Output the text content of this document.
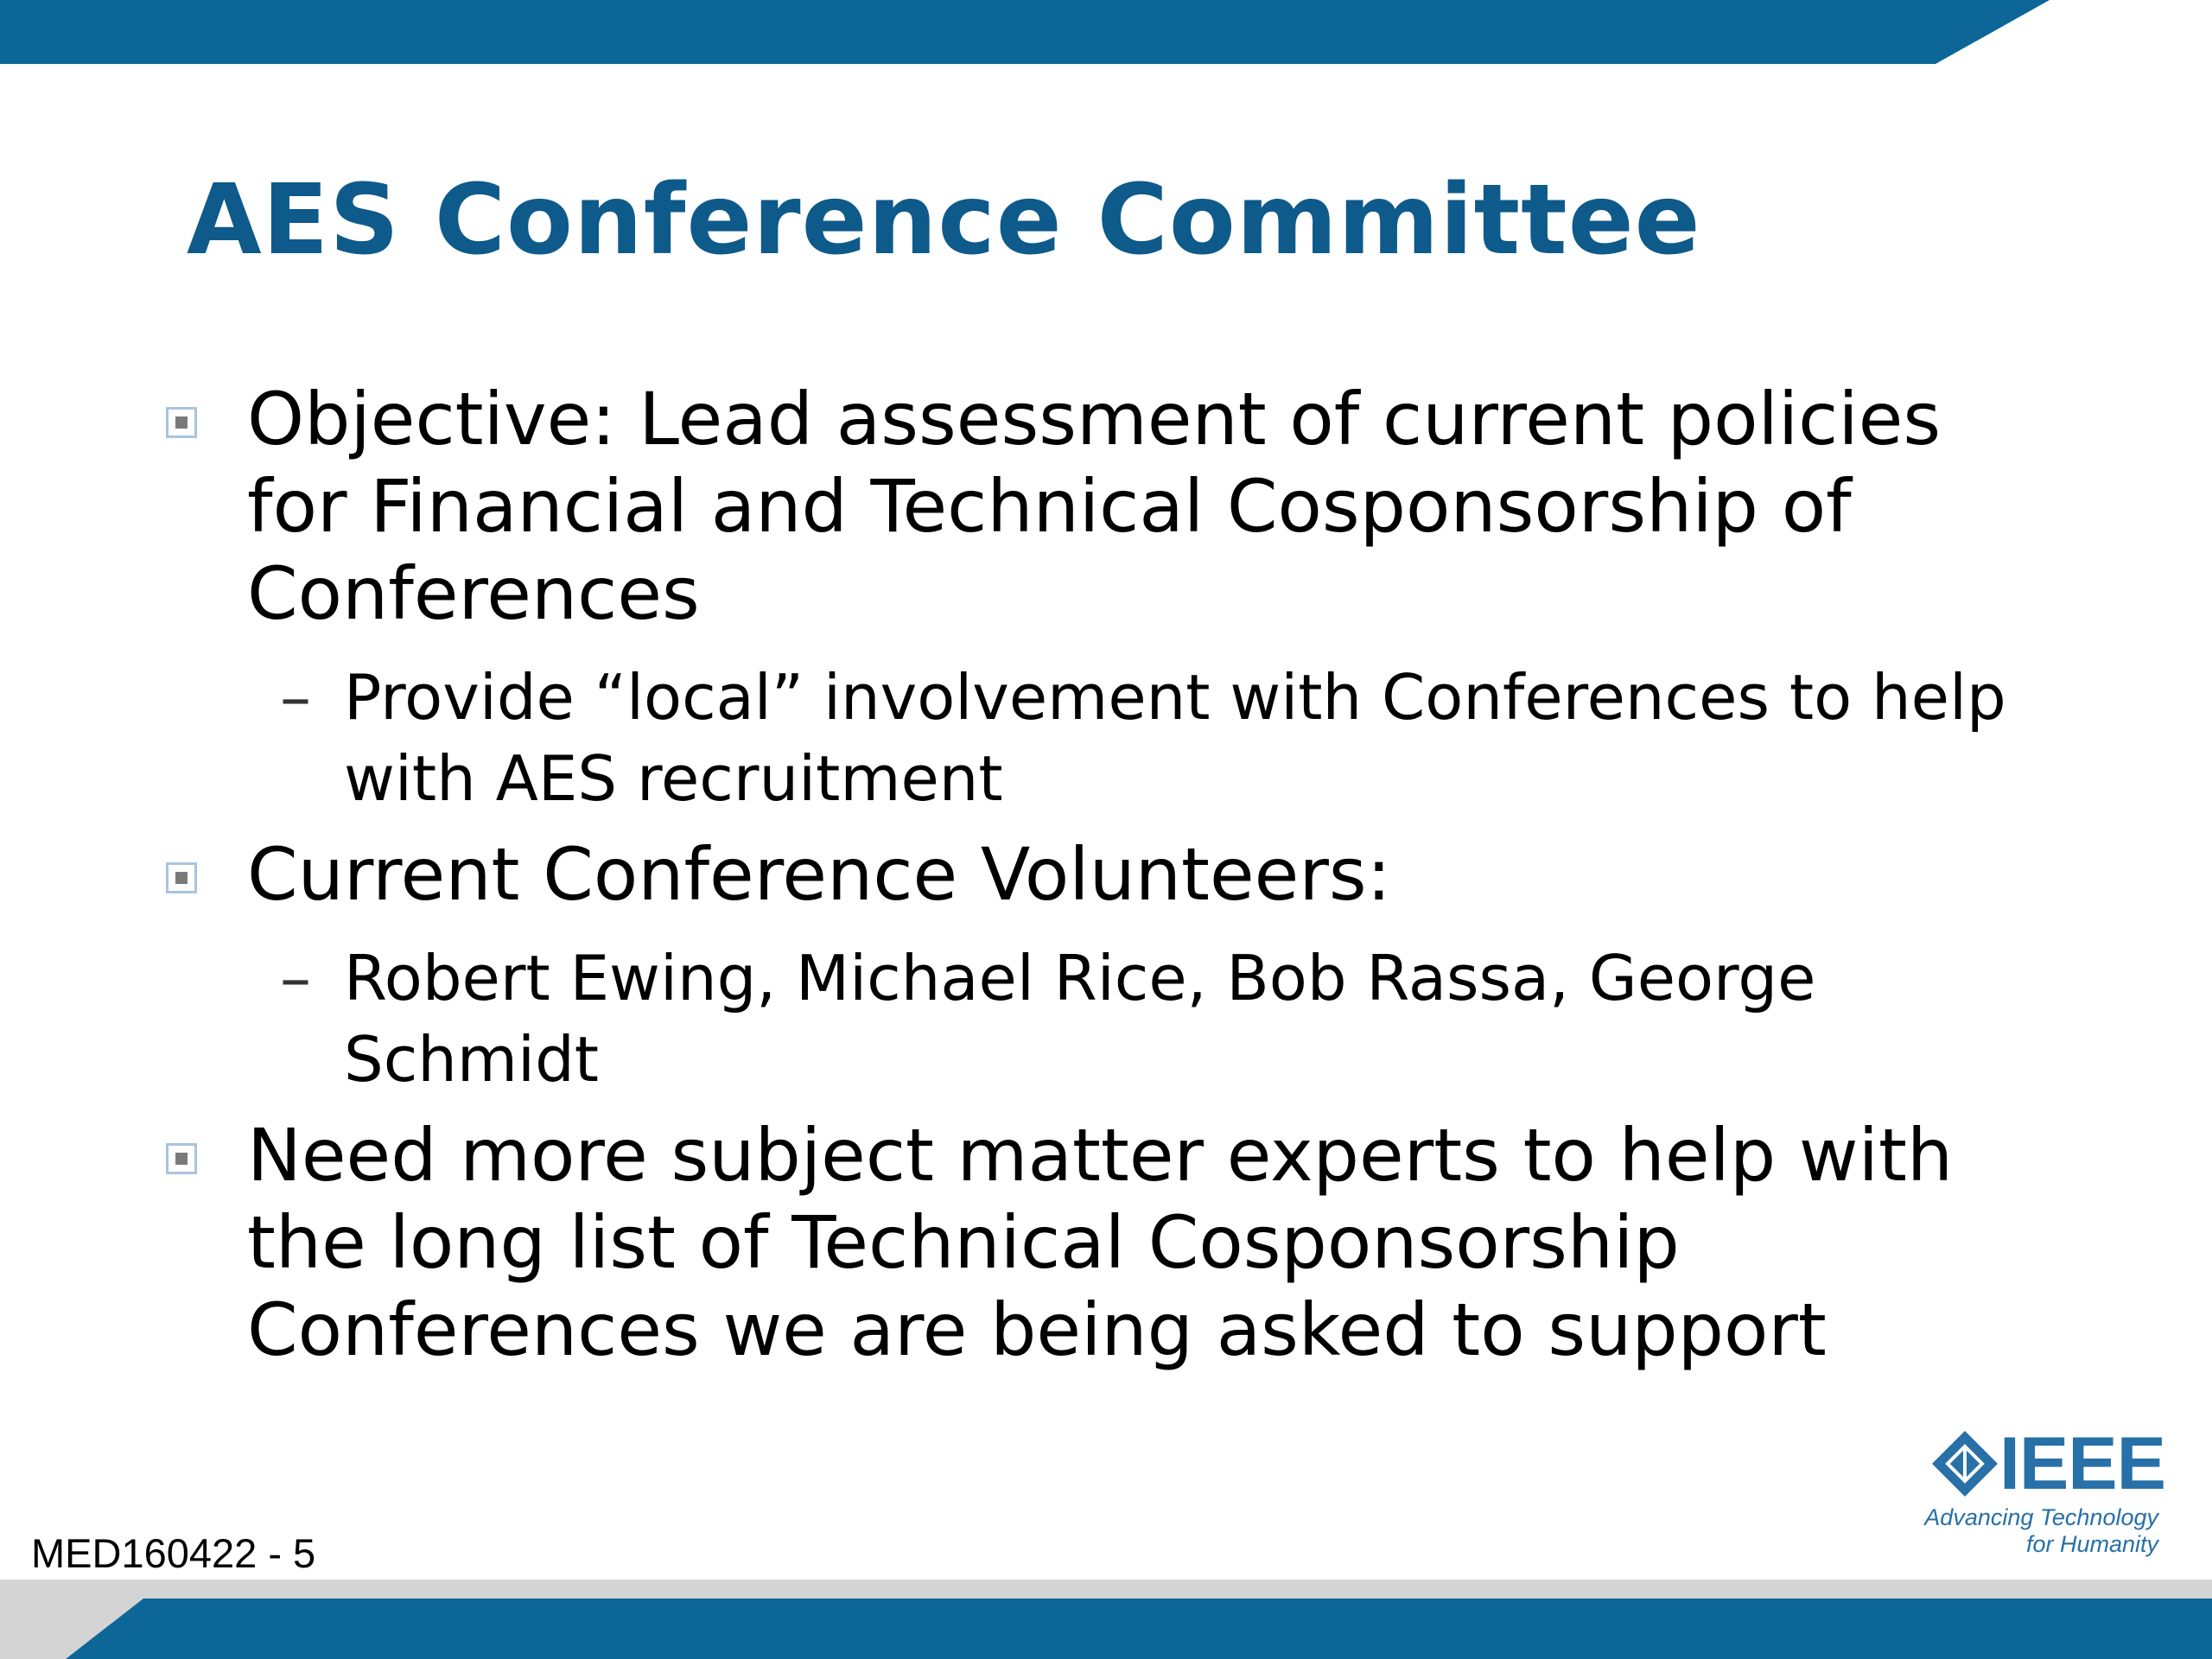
AES Conference Committee
Objective: Lead assessment of current policies for Financial and Technical Cosponsorship of Conferences
– Provide “local” involvement with Conferences to help with AES recruitment
Current Conference Volunteers:
– Robert Ewing, Michael Rice, Bob Rassa, George Schmidt
Need more subject matter experts to help with the long list of Technical Cosponsorship Conferences we are being asked to support
MED160422 - 5
IEEE
Advancing Technology
for Humanity
